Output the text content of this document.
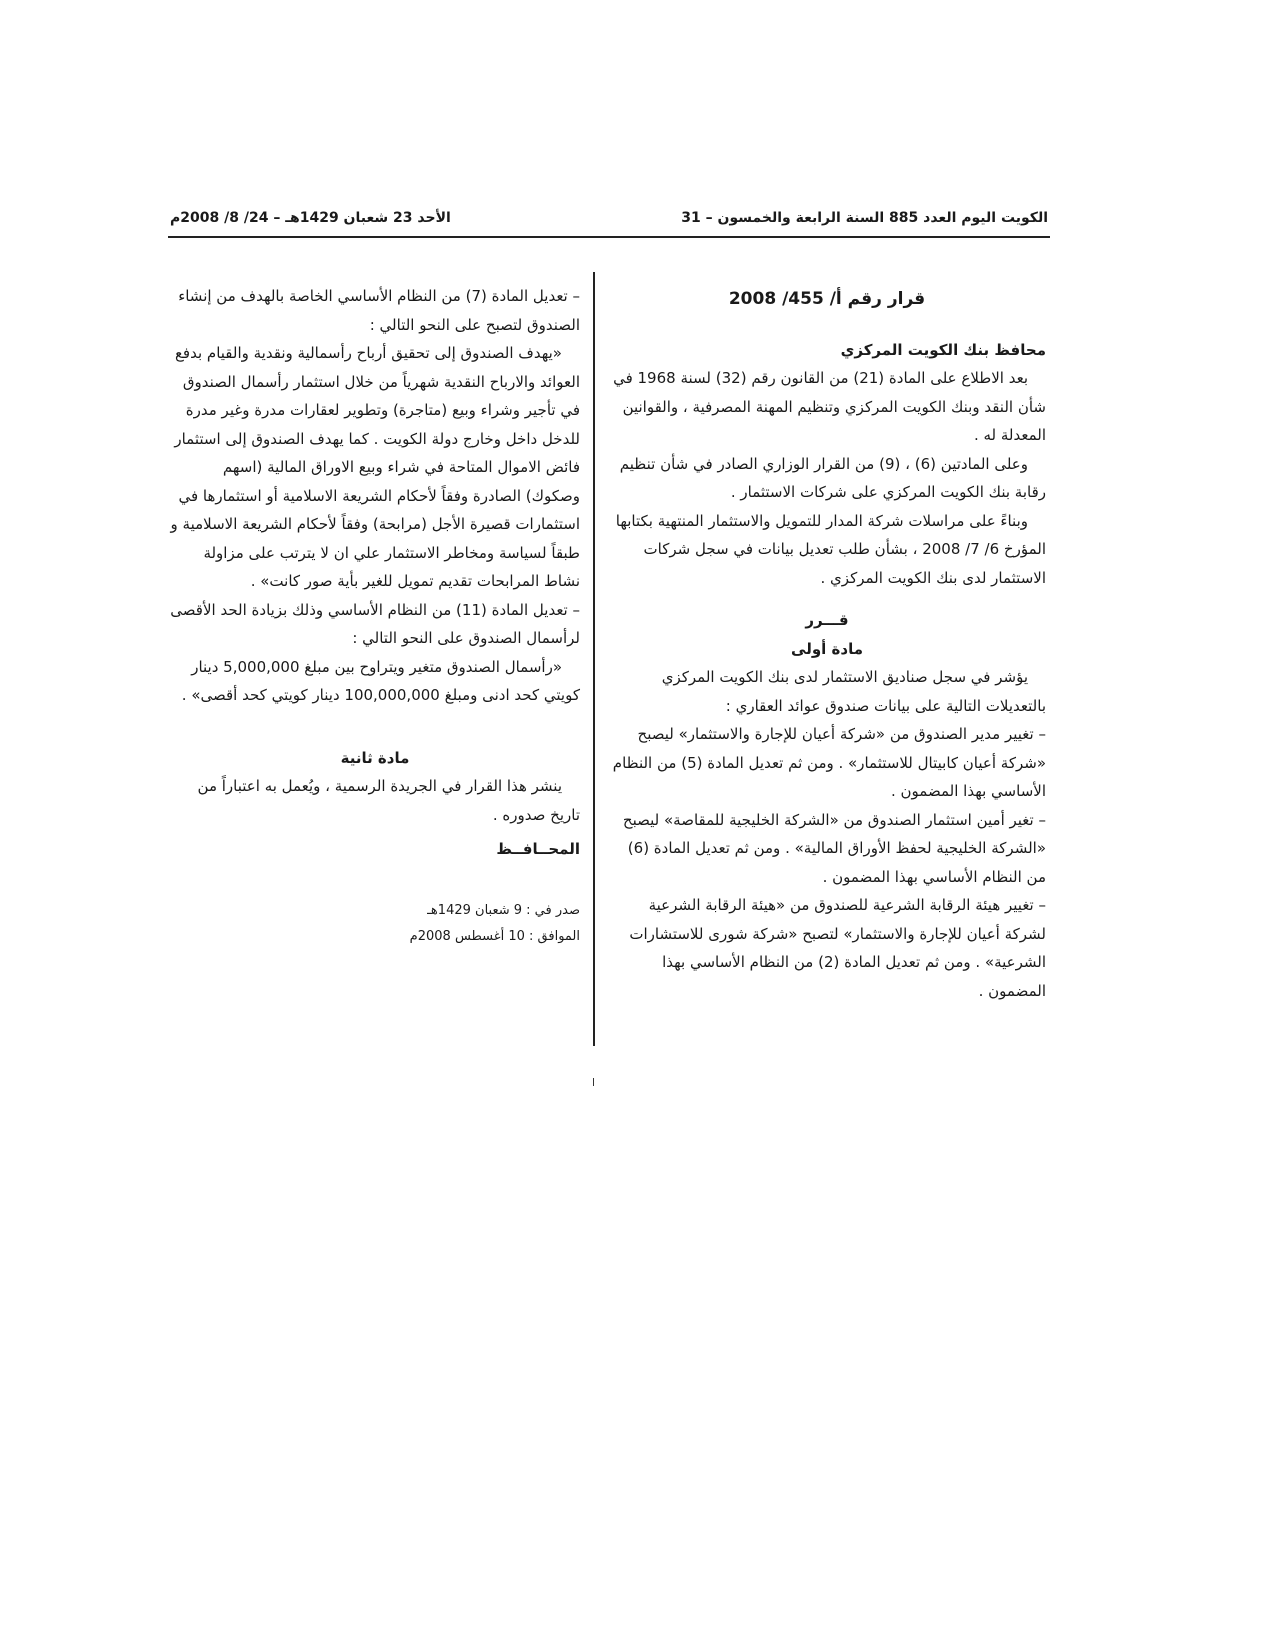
الكويت اليوم العدد 885 السنة الرابعة والخمسون – 31
الأحد 23 شعبان 1429هـ – 24/ 8/ 2008م

قرار رقم أ/ 455/ 2008

محافظ بنك الكويت المركزي

بعد الاطلاع على المادة (21) من القانون رقم (32) لسنة 1968 في شأن النقد وبنك الكويت المركزي وتنظيم المهنة المصرفية ، والقوانين المعدلة له .

وعلى المادتين (6) ، (9) من القرار الوزاري الصادر في شأن تنظيم رقابة بنك الكويت المركزي على شركات الاستثمار .

وبناءً على مراسلات شركة المدار للتمويل والاستثمار المنتهية بكتابها المؤرخ 6/ 7/ 2008 ، بشأن طلب تعديل بيانات في سجل شركات الاستثمار لدى بنك الكويت المركزي .

قـــرر

مادة أولى

يؤشر في سجل صناديق الاستثمار لدى بنك الكويت المركزي بالتعديلات التالية على بيانات صندوق عوائد العقاري :

– تغيير مدير الصندوق من «شركة أعيان للإجارة والاستثمار» ليصبح «شركة أعيان كابيتال للاستثمار» . ومن ثم تعديل المادة (5) من النظام الأساسي بهذا المضمون .

– تغير أمين استثمار الصندوق من «الشركة الخليجية للمقاصة» ليصبح «الشركة الخليجية لحفظ الأوراق المالية» . ومن ثم تعديل المادة (6) من النظام الأساسي بهذا المضمون .

– تغيير هيئة الرقابة الشرعية للصندوق من «هيئة الرقابة الشرعية لشركة أعيان للإجارة والاستثمار» لتصبح «شركة شورى للاستشارات الشرعية» . ومن ثم تعديل المادة (2) من النظام الأساسي بهذا المضمون .

– تعديل المادة (7) من النظام الأساسي الخاصة بالهدف من إنشاء الصندوق لتصبح على النحو التالي :

«يهدف الصندوق إلى تحقيق أرباح رأسمالية ونقدية والقيام بدفع العوائد والارباح النقدية شهرياً من خلال استثمار رأسمال الصندوق في تأجير وشراء وبيع (متاجرة) وتطوير لعقارات مدرة وغير مدرة للدخل داخل وخارج دولة الكويت . كما يهدف الصندوق إلى استثمار فائض الاموال المتاحة في شراء وبيع الاوراق المالية (اسهم وصكوك) الصادرة وفقاً لأحكام الشريعة الاسلامية أو استثمارها في استثمارات قصيرة الأجل (مرابحة) وفقاً لأحكام الشريعة الاسلامية و طبقاً لسياسة ومخاطر الاستثمار علي ان لا يترتب على مزاولة نشاط المرابحات تقديم تمويل للغير بأية صور كانت» .

– تعديل المادة (11) من النظام الأساسي وذلك بزيادة الحد الأقصى لرأسمال الصندوق على النحو التالي :

«رأسمال الصندوق متغير ويتراوح بين مبلغ 5,000,000 دينار كويتي كحد ادنى ومبلغ 100,000,000 دينار كويتي كحد أقصى» .

مادة ثانية

ينشر هذا القرار في الجريدة الرسمية ، ويُعمل به اعتباراً من تاريخ صدوره .

المحــافــظ

صدر في : 9 شعبان 1429هـ

الموافق : 10 أغسطس 2008م
